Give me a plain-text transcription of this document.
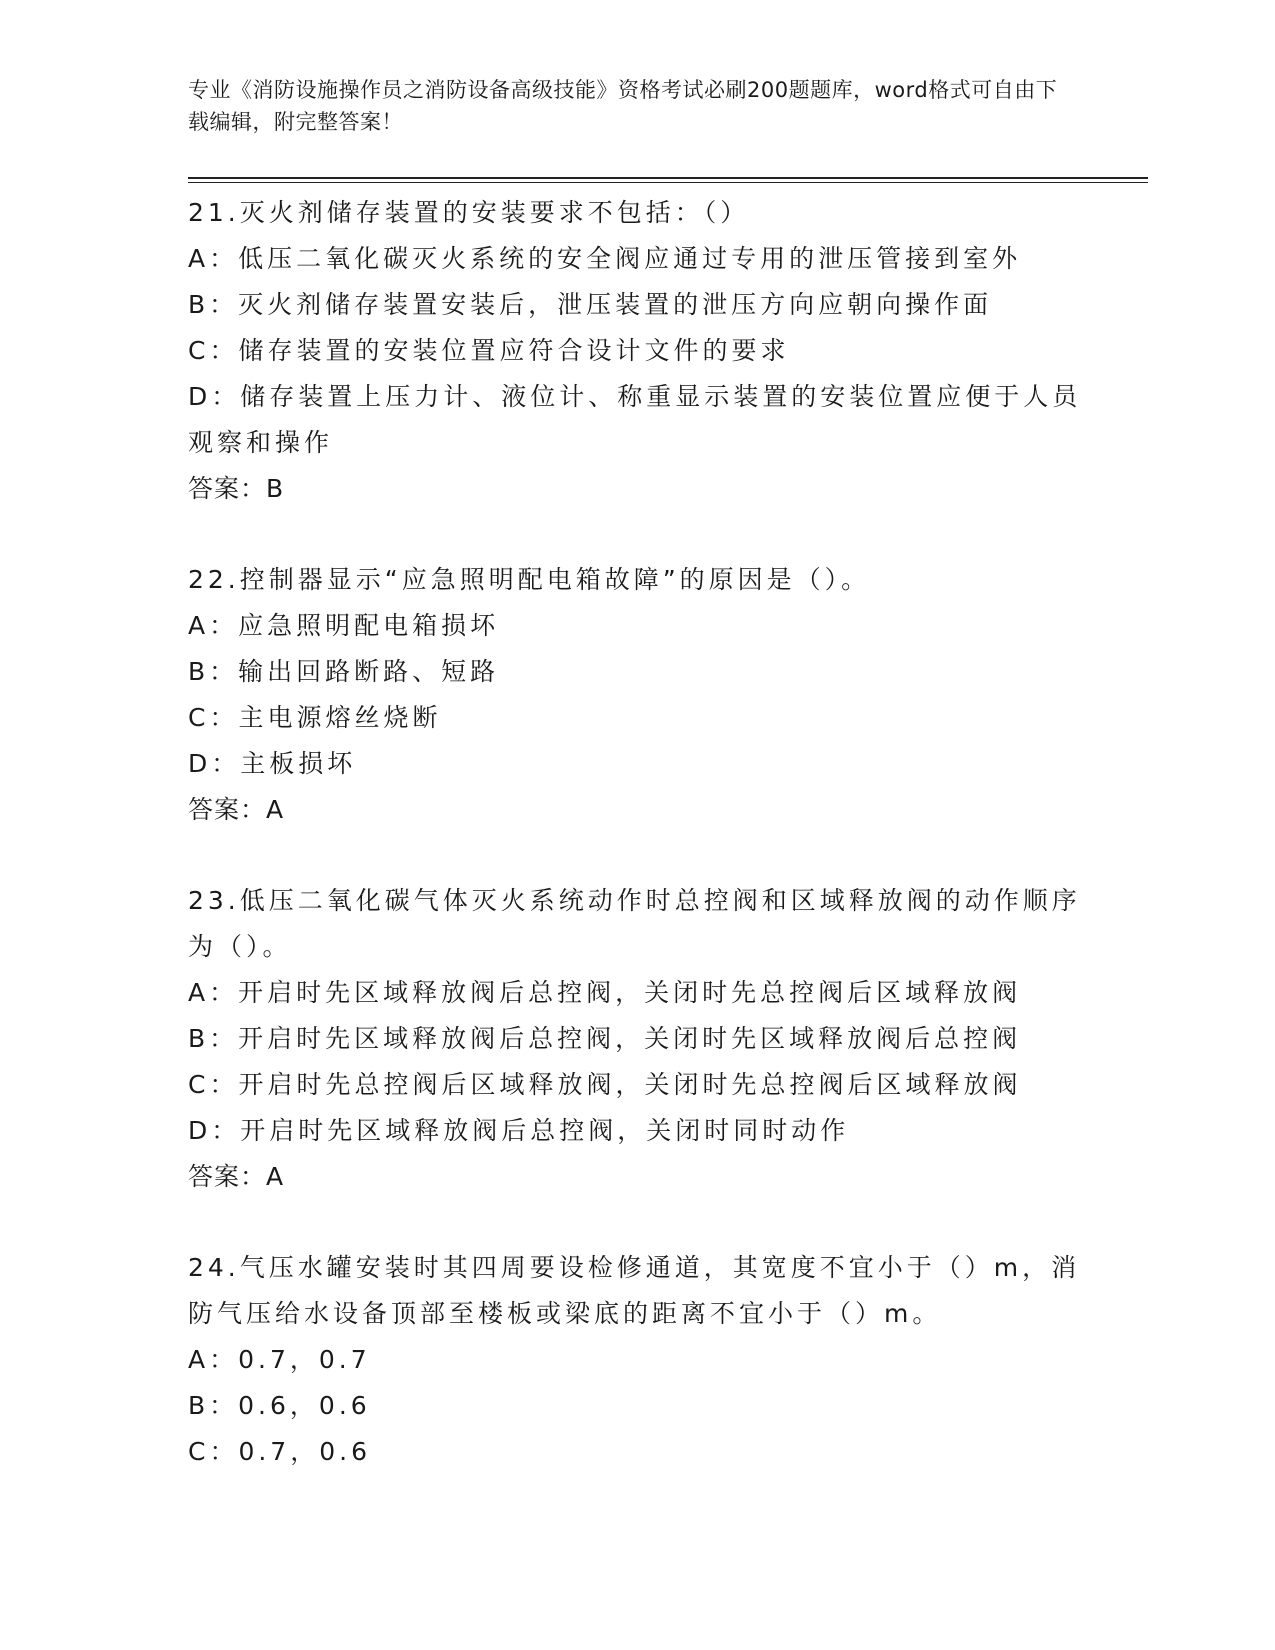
专业《消防设施操作员之消防设备高级技能》资格考试必刷200题题库，word格式可自由下载编辑，附完整答案！
21.灭火剂储存装置的安装要求不包括：（）
A：低压二氧化碳灭火系统的安全阀应通过专用的泄压管接到室外
B：灭火剂储存装置安装后，泄压装置的泄压方向应朝向操作面
C：储存装置的安装位置应符合设计文件的要求
D：储存装置上压力计、液位计、称重显示装置的安装位置应便于人员观察和操作
答案：B
22.控制器显示“应急照明配电箱故障”的原因是（）。
A：应急照明配电箱损坏
B：输出回路断路、短路
C：主电源熔丝烧断
D：主板损坏
答案：A
23.低压二氧化碳气体灭火系统动作时总控阀和区域释放阀的动作顺序为（）。
A：开启时先区域释放阀后总控阀，关闭时先总控阀后区域释放阀
B：开启时先区域释放阀后总控阀，关闭时先区域释放阀后总控阀
C：开启时先总控阀后区域释放阀，关闭时先总控阀后区域释放阀
D：开启时先区域释放阀后总控阀，关闭时同时动作
答案：A
24.气压水罐安装时其四周要设检修通道，其宽度不宜小于（）m，消防气压给水设备顶部至楼板或梁底的距离不宜小于（）m。
A：0.7，0.7
B：0.6，0.6
C：0.7，0.6
